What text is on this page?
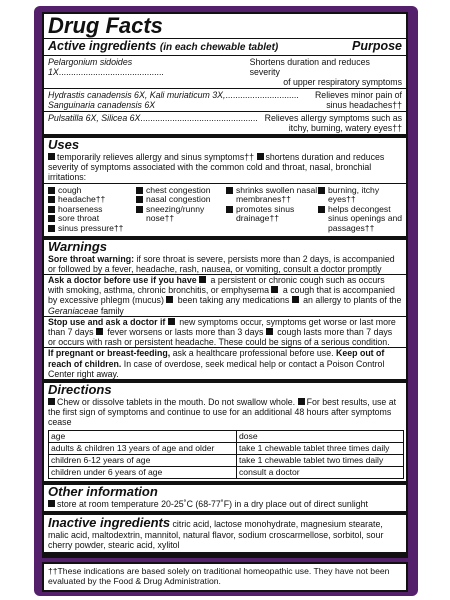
Drug Facts
Active ingredients (in each chewable tablet)	Purpose
Pelargonium sidoides 1X...........................................
Shortens duration and reduces severity
of upper respiratory symptoms
Hydrastis canadensis 6X, Kali muriaticum 3X,.............................. Relieves minor pain of
Sanguinaria canadensis 6X	sinus headaches††
Pulsatilla 6X, Silicea 6X................................................ Relieves allergy symptoms such as
itchy, burning, watery eyes††
Uses
temporarily relieves allergy and sinus symptoms†† shortens duration and reduces severity of symptoms associated with the common cold and throat, nasal, bronchial irritations:
cough
headache††
hoarseness
sore throat
sinus pressure††
chest congestion
nasal congestion
sneezing/runny nose††
shrinks swollen nasal membranes††
promotes sinus drainage††
burning, itchy eyes††
helps decongest sinus openings and passages††
Warnings
Sore throat warning: if sore throat is severe, persists more than 2 days, is accompanied or followed by a fever, headache, rash, nausea, or vomiting, consult a doctor promptly
Ask a doctor before use if you have  a persistent or chronic cough such as occurs with smoking, asthma, chronic bronchitis, or emphysema  a cough that is accompanied by excessive phlegm (mucus)  been taking any medications  an allergy to plants of the Geraniaceae family
Stop use and ask a doctor if  new symptoms occur, symptoms get worse or last more than 7 days  fever worsens or lasts more than 3 days  cough lasts more than 7 days or occurs with rash or persistent headache. These could be signs of a serious condition.
If pregnant or breast-feeding, ask a healthcare professional before use. Keep out of reach of children. In case of overdose, seek medical help or contact a Poison Control Center right away.
Directions
Chew or dissolve tablets in the mouth. Do not swallow whole. For best results, use at the first sign of symptoms and continue to use for an additional 48 hours after symptoms cease
age	dose
adults & children 13 years of age and older	take 1 chewable tablet three times daily
children 6-12 years of age	take 1 chewable tablet two times daily
children under 6 years of age	consult a doctor
Other information
store at room temperature 20-25˚C (68-77˚F) in a dry place out of direct sunlight
Inactive ingredients citric acid, lactose monohydrate, magnesium stearate, malic acid, maltodextrin, mannitol, natural flavor, sodium croscarmellose, sorbitol, sour cherry powder, stearic acid, xylitol
††These indications are based solely on traditional homeopathic use. They have not been evaluated by the Food & Drug Administration.
